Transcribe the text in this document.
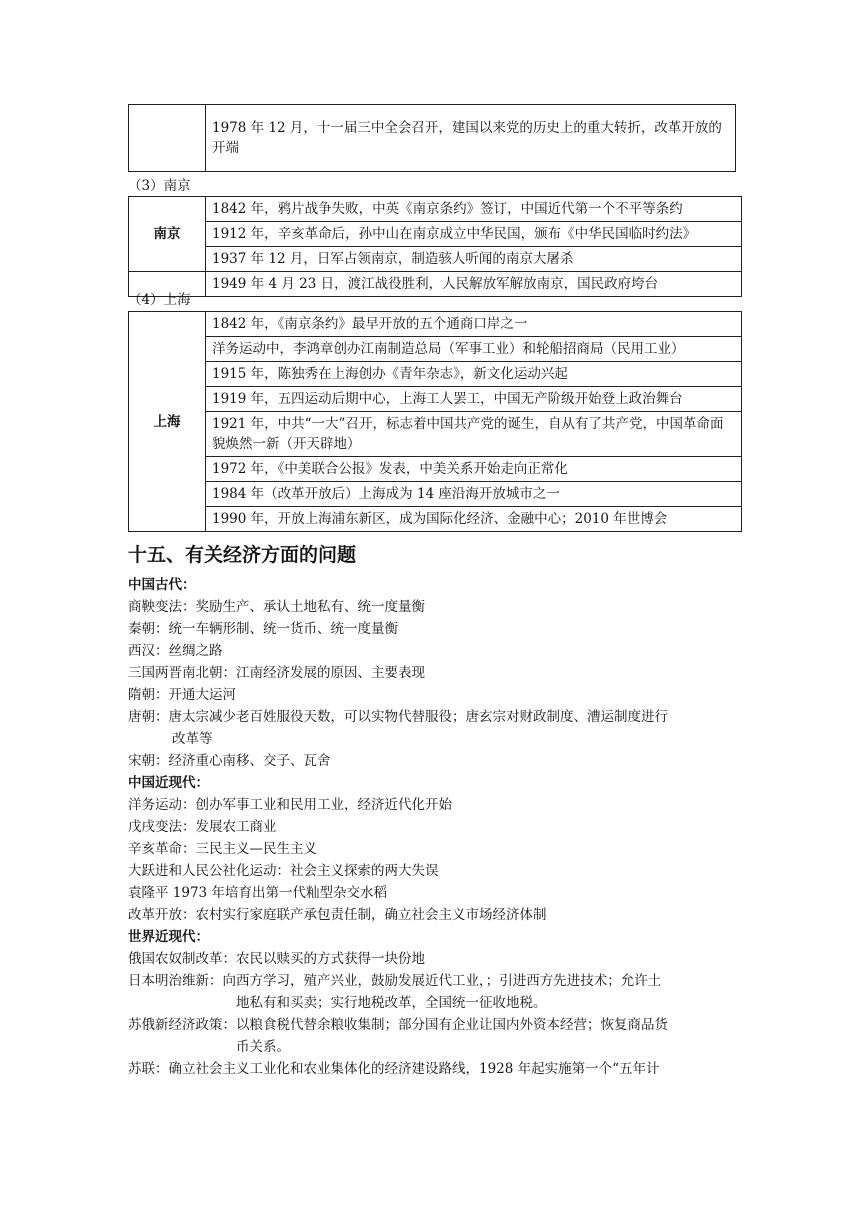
	1978 年 12 月，十一届三中全会召开，建国以来党的历史上的重大转折，改革开放的开端
（3）南京
南京	1842 年，鸦片战争失败，中英《南京条约》签订，中国近代第一个不平等条约
	1912 年，辛亥革命后，孙中山在南京成立中华民国，颁布《中华民国临时约法》
	1937 年 12 月，日军占领南京，制造骇人听闻的南京大屠杀
	1949 年 4 月 23 日，渡江战役胜利，人民解放军解放南京，国民政府垮台
（4）上海
上海	1842 年，《南京条约》最早开放的五个通商口岸之一
洋务运动中，李鸿章创办江南制造总局（军事工业）和轮船招商局（民用工业）
1915 年，陈独秀在上海创办《青年杂志》，新文化运动兴起
1919 年，五四运动后期中心，上海工人罢工，中国无产阶级开始登上政治舞台
1921 年，中共“一大”召开，标志着中国共产党的诞生，自从有了共产党，中国革命面貌焕然一新（开天辟地）
1972 年，《中美联合公报》发表，中美关系开始走向正常化
1984 年（改革开放后）上海成为 14 座沿海开放城市之一
1990 年，开放上海浦东新区，成为国际化经济、金融中心；2010 年世博会
十五、有关经济方面的问题
中国古代：
商鞅变法：奖励生产、承认土地私有、统一度量衡
秦朝：统一车辆形制、统一货币、统一度量衡
西汉：丝绸之路
三国两晋南北朝：江南经济发展的原因、主要表现
隋朝：开通大运河
唐朝：唐太宗减少老百姓服役天数，可以实物代替服役；唐玄宗对财政制度、漕运制度进行
改革等
宋朝：经济重心南移、交子、瓦舍
中国近现代：
洋务运动：创办军事工业和民用工业，经济近代化开始
戊戌变法：发展农工商业
辛亥革命：三民主义—民生主义
大跃进和人民公社化运动：社会主义探索的两大失误
袁隆平 1973 年培育出第一代籼型杂交水稻
改革开放：农村实行家庭联产承包责任制，确立社会主义市场经济体制
世界近现代：
俄国农奴制改革：农民以赎买的方式获得一块份地
日本明治维新：向西方学习，殖产兴业，鼓励发展近代工业，；引进西方先进技术；允许土
地私有和买卖；实行地税改革，全国统一征收地税。
苏俄新经济政策：以粮食税代替余粮收集制；部分国有企业让国内外资本经营；恢复商品货
币关系。
苏联：确立社会主义工业化和农业集体化的经济建设路线，1928 年起实施第一个“五年计
